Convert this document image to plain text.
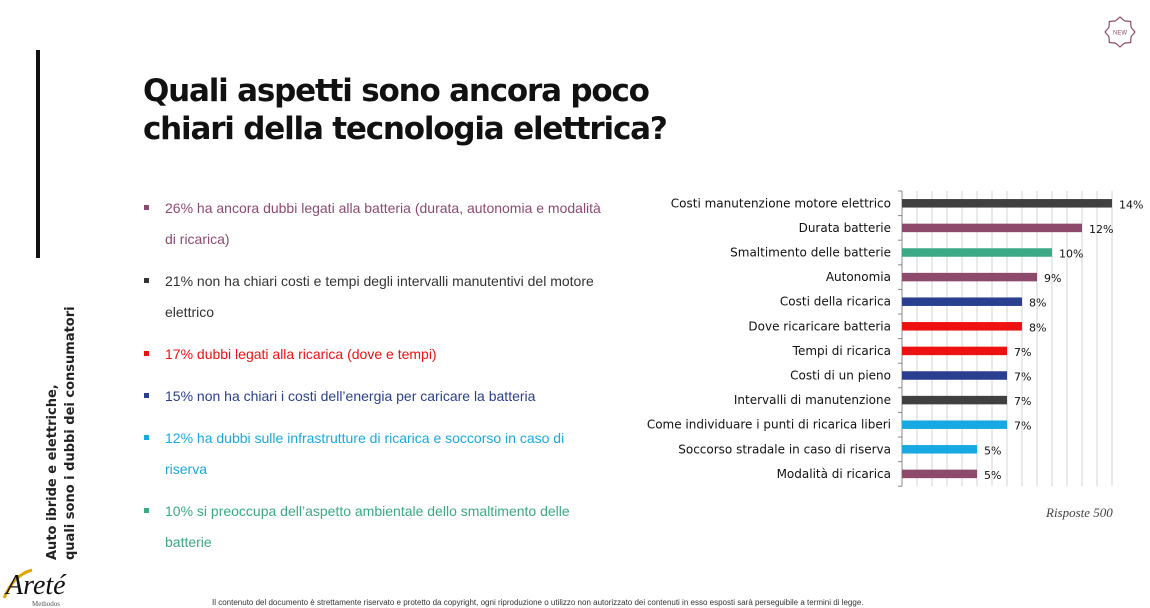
Auto ibride e elettriche, quali sono i dubbi dei consumatori
NEW
Quali aspetti sono ancora poco
chiari della tecnologia elettrica?
26% ha ancora dubbi legati alla batteria (durata, autonomia e modalità di ricarica)
21% non ha chiari costi e tempi degli intervalli manutentivi del motore elettrico
17% dubbi legati alla ricarica (dove e tempi)
15% non ha chiari i costi dell’energia per caricare la batteria
12% ha dubbi sulle infrastrutture di ricarica e soccorso in caso di riserva
10% si preoccupa dell’aspetto ambientale dello smaltimento delle batterie
Costi manutenzione motore elettrico	14%
Durata batterie	12%
Smaltimento delle batterie	10%
Autonomia	9%
Costi della ricarica	8%
Dove ricaricare batteria	8%
Tempi di ricarica	7%
Costi di un pieno	7%
Intervalli di manutenzione	7%
Come individuare i punti di ricarica liberi	7%
Soccorso stradale in caso di riserva	5%
Modalità di ricarica	5%
Risposte 500
Areté
Methodos	Il contenuto del documento è strettamente riservato e protetto da copyright, ogni riproduzione o utilizzo non autorizzato dei contenuti in esso esposti sarà perseguibile a termini di legge.
